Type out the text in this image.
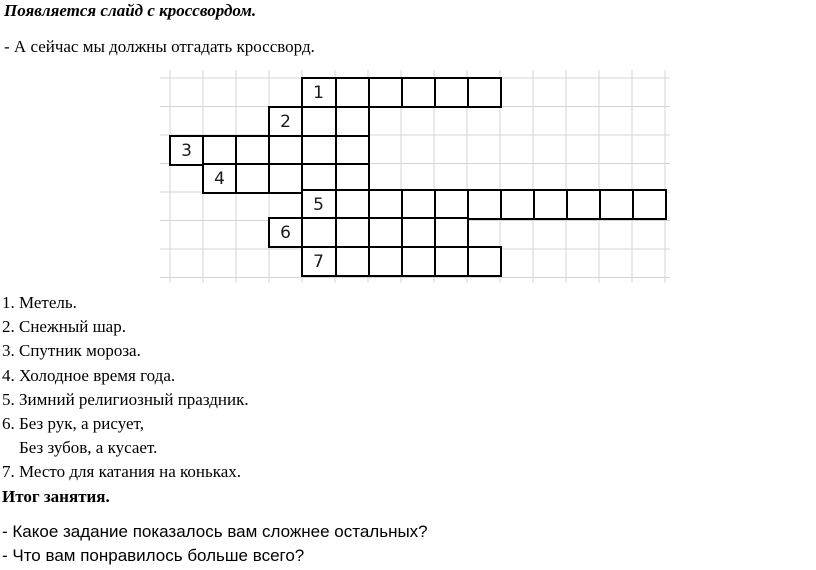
Появляется слайд с кроссвордом.

- А сейчас мы должны отгадать кроссворд.

1
2
3
4
5
6
7
1. Метель.
2. Снежный шар.
3. Спутник мороза.
4. Холодное время года.
5. Зимний религиозный праздник.
6. Без рук, а рисует,
Без зубов, а кусает.
7. Место для катания на коньках.

Итог занятия.

- Какое задание показалось вам сложнее остальных?
- Что вам понравилось больше всего?
